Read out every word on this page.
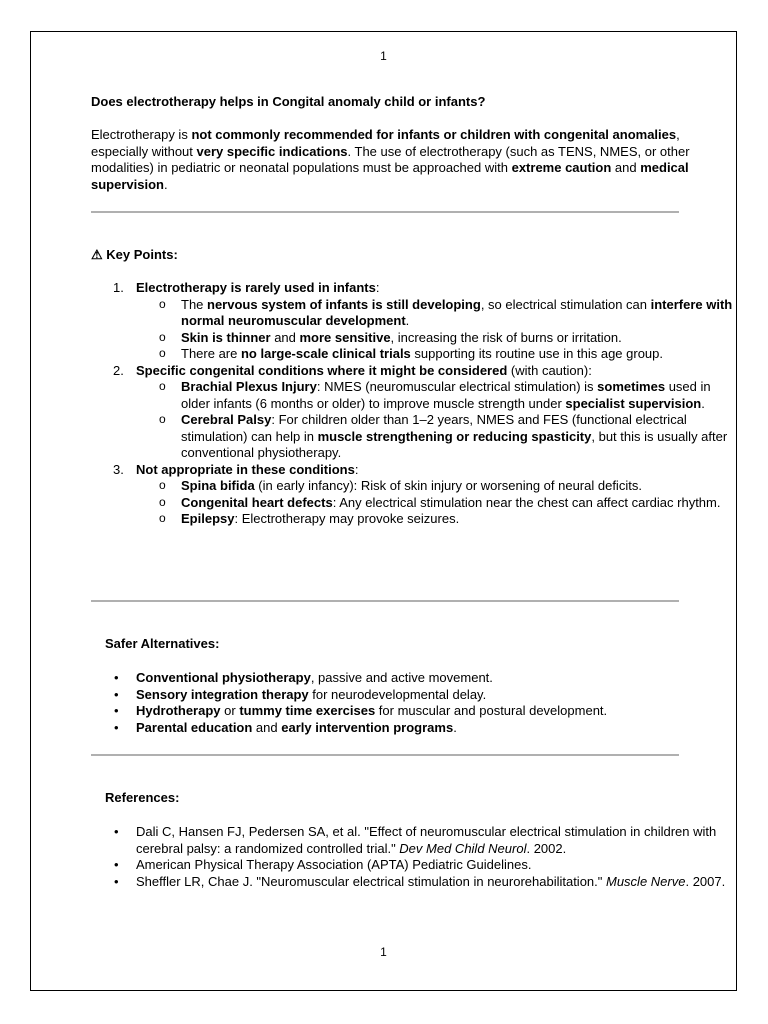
1
Does electrotherapy helps in Congital anomaly child or infants?
Electrotherapy is not commonly recommended for infants or children with congenital anomalies, especially without very specific indications. The use of electrotherapy (such as TENS, NMES, or other modalities) in pediatric or neonatal populations must be approached with extreme caution and medical supervision.
⚠ Key Points:
1. Electrotherapy is rarely used in infants:
o The nervous system of infants is still developing, so electrical stimulation can interfere with normal neuromuscular development.
o Skin is thinner and more sensitive, increasing the risk of burns or irritation.
o There are no large-scale clinical trials supporting its routine use in this age group.
2. Specific congenital conditions where it might be considered (with caution):
o Brachial Plexus Injury: NMES (neuromuscular electrical stimulation) is sometimes used in older infants (6 months or older) to improve muscle strength under specialist supervision.
o Cerebral Palsy: For children older than 1–2 years, NMES and FES (functional electrical stimulation) can help in muscle strengthening or reducing spasticity, but this is usually after conventional physiotherapy.
3. Not appropriate in these conditions:
o Spina bifida (in early infancy): Risk of skin injury or worsening of neural deficits.
o Congenital heart defects: Any electrical stimulation near the chest can affect cardiac rhythm.
o Epilepsy: Electrotherapy may provoke seizures.
Safer Alternatives:
• Conventional physiotherapy, passive and active movement.
• Sensory integration therapy for neurodevelopmental delay.
• Hydrotherapy or tummy time exercises for muscular and postural development.
• Parental education and early intervention programs.
References:
• Dali C, Hansen FJ, Pedersen SA, et al. "Effect of neuromuscular electrical stimulation in children with cerebral palsy: a randomized controlled trial." Dev Med Child Neurol. 2002.
• American Physical Therapy Association (APTA) Pediatric Guidelines.
• Sheffler LR, Chae J. "Neuromuscular electrical stimulation in neurorehabilitation." Muscle Nerve. 2007.
1
